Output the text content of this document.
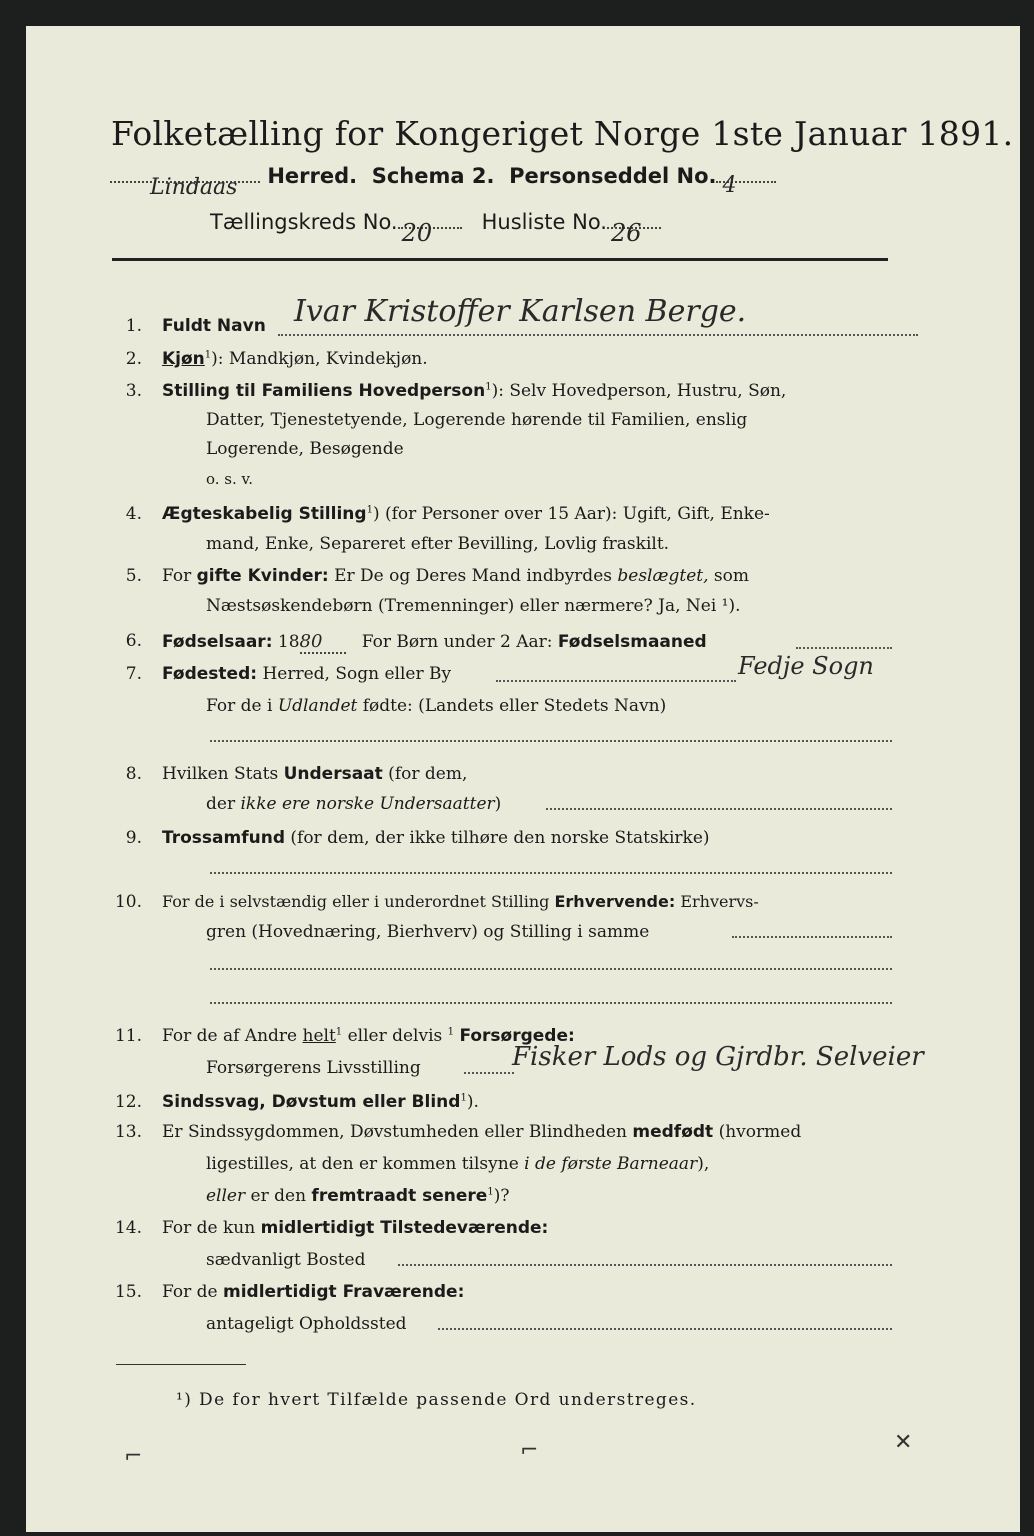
Folketælling for Kongeriget Norge 1ste Januar 1891.
Lindaas Herred. Schema 2. Personseddel No. 4
Tællingskreds No. 20 Husliste No. 26
1. Fuldt Navn Ivar Kristoffer Karlsen Berge.
2. Kjøn$^1$): Mandkjøn, Kvindekjøn.
3. Stilling til Familiens Hovedperson$^1$): Selv Hovedperson, Hustru, Søn,
Datter, Tjenestetyende, Logerende hørende til Familien, enslig
Logerende, Besøgende
o. s. v.
4. Ægteskabelig Stilling$^1$) (for Personer over 15 Aar): Ugift, Gift, Enke-
mand, Enke, Separeret efter Bevilling, Lovlig fraskilt.
5. For gifte Kvinder: Er De og Deres Mand indbyrdes beslægtet, som
Næstsøskendebørn (Tremenninger) eller nærmere? Ja, Nei ¹).
6. Fødselsaar: 1880 For Børn under 2 Aar: Fødselsmaaned
7. Fødested: Herred, Sogn eller By	Fedje Sogn
For de i Udlandet fødte: (Landets eller Stedets Navn)
8. Hvilken Stats Undersaat (for dem,
der ikke ere norske Undersaatter)
9. Trossamfund (for dem, der ikke tilhøre den norske Statskirke)
10. For de i selvstændig eller i underordnet Stilling Erhvervende: Erhvervs-
gren (Hovednæring, Bierhverv) og Stilling i samme
11. For de af Andre helt$^1$ eller delvis $^1$ Forsørgede:
Forsørgerens Livsstilling	Fisker Lods og Gjrdbr. Selveier
12. Sindssvag, Døvstum eller Blind$^1$).
13. Er Sindssygdommen, Døvstumheden eller Blindheden medfødt (hvormed
ligestilles, at den er kommen tilsyne i de første Barneaar),
eller er den fremtraadt senere$^1$)?
14. For de kun midlertidigt Tilstedeværende:
sædvanligt Bosted
15. For de midlertidigt Fraværende:
antageligt Opholdssted
¹) De for hvert Tilfælde passende Ord understreges.
⌐	⌐	✕
